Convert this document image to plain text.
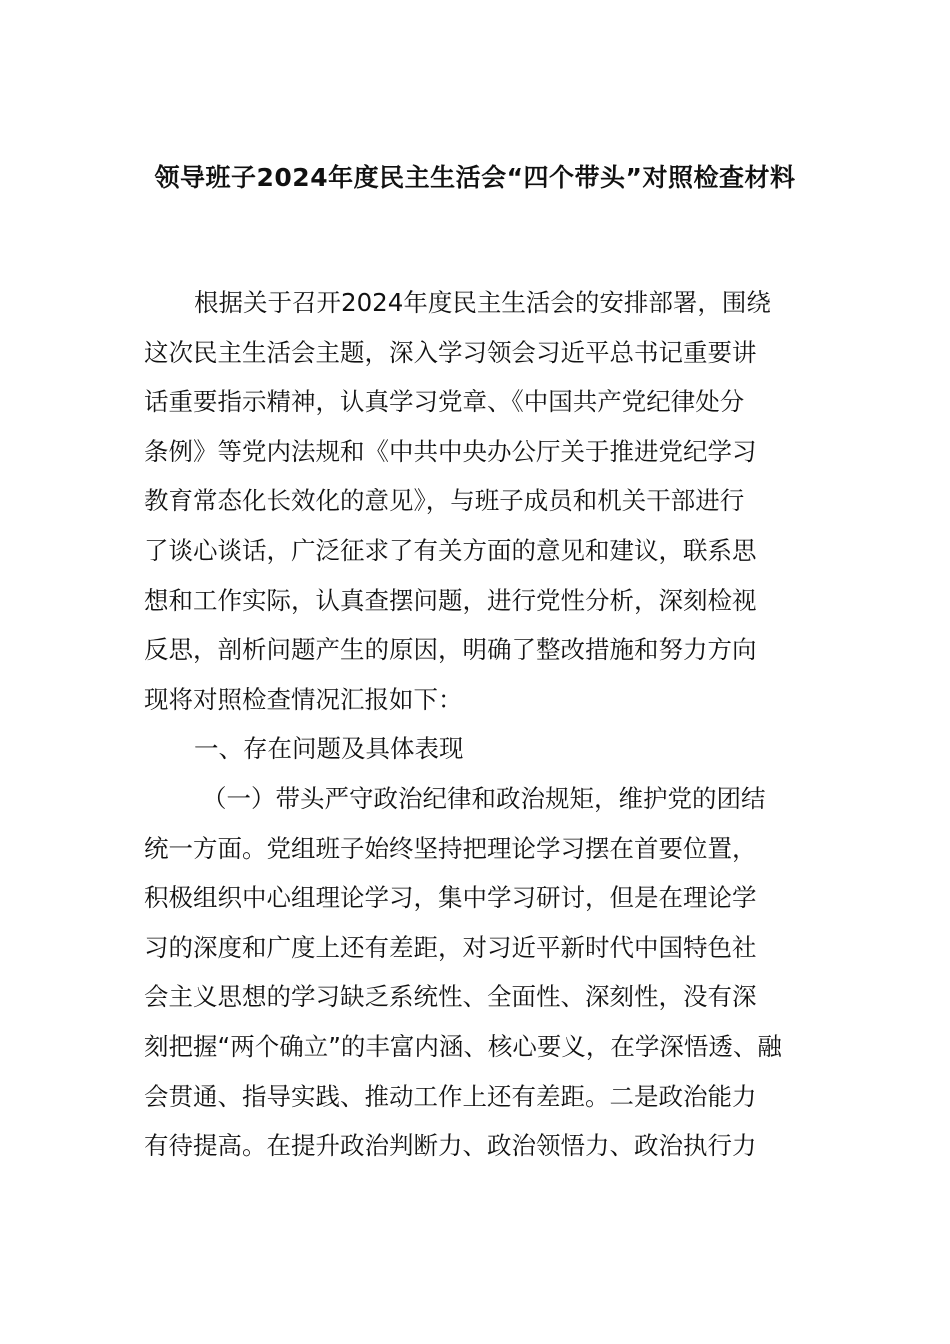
领导班子2024年度民主生活会“四个带头”对照检查材料
根据关于召开2024年度民主生活会的安排部署，围绕
这次民主生活会主题，深入学习领会习近平总书记重要讲
话重要指示精神，认真学习党章、《中国共产党纪律处分
条例》等党内法规和《中共中央办公厅关于推进党纪学习
教育常态化长效化的意见》，与班子成员和机关干部进行
了谈心谈话，广泛征求了有关方面的意见和建议，联系思
想和工作实际，认真查摆问题，进行党性分析，深刻检视
反思，剖析问题产生的原因，明确了整改措施和努力方向
现将对照检查情况汇报如下：
一、存在问题及具体表现
（一）带头严守政治纪律和政治规矩，维护党的团结
统一方面。党组班子始终坚持把理论学习摆在首要位置，
积极组织中心组理论学习，集中学习研讨，但是在理论学
习的深度和广度上还有差距，对习近平新时代中国特色社
会主义思想的学习缺乏系统性、全面性、深刻性，没有深
刻把握“两个确立”的丰富内涵、核心要义，在学深悟透、融
会贯通、指导实践、推动工作上还有差距。二是政治能力
有待提高。在提升政治判断力、政治领悟力、政治执行力
